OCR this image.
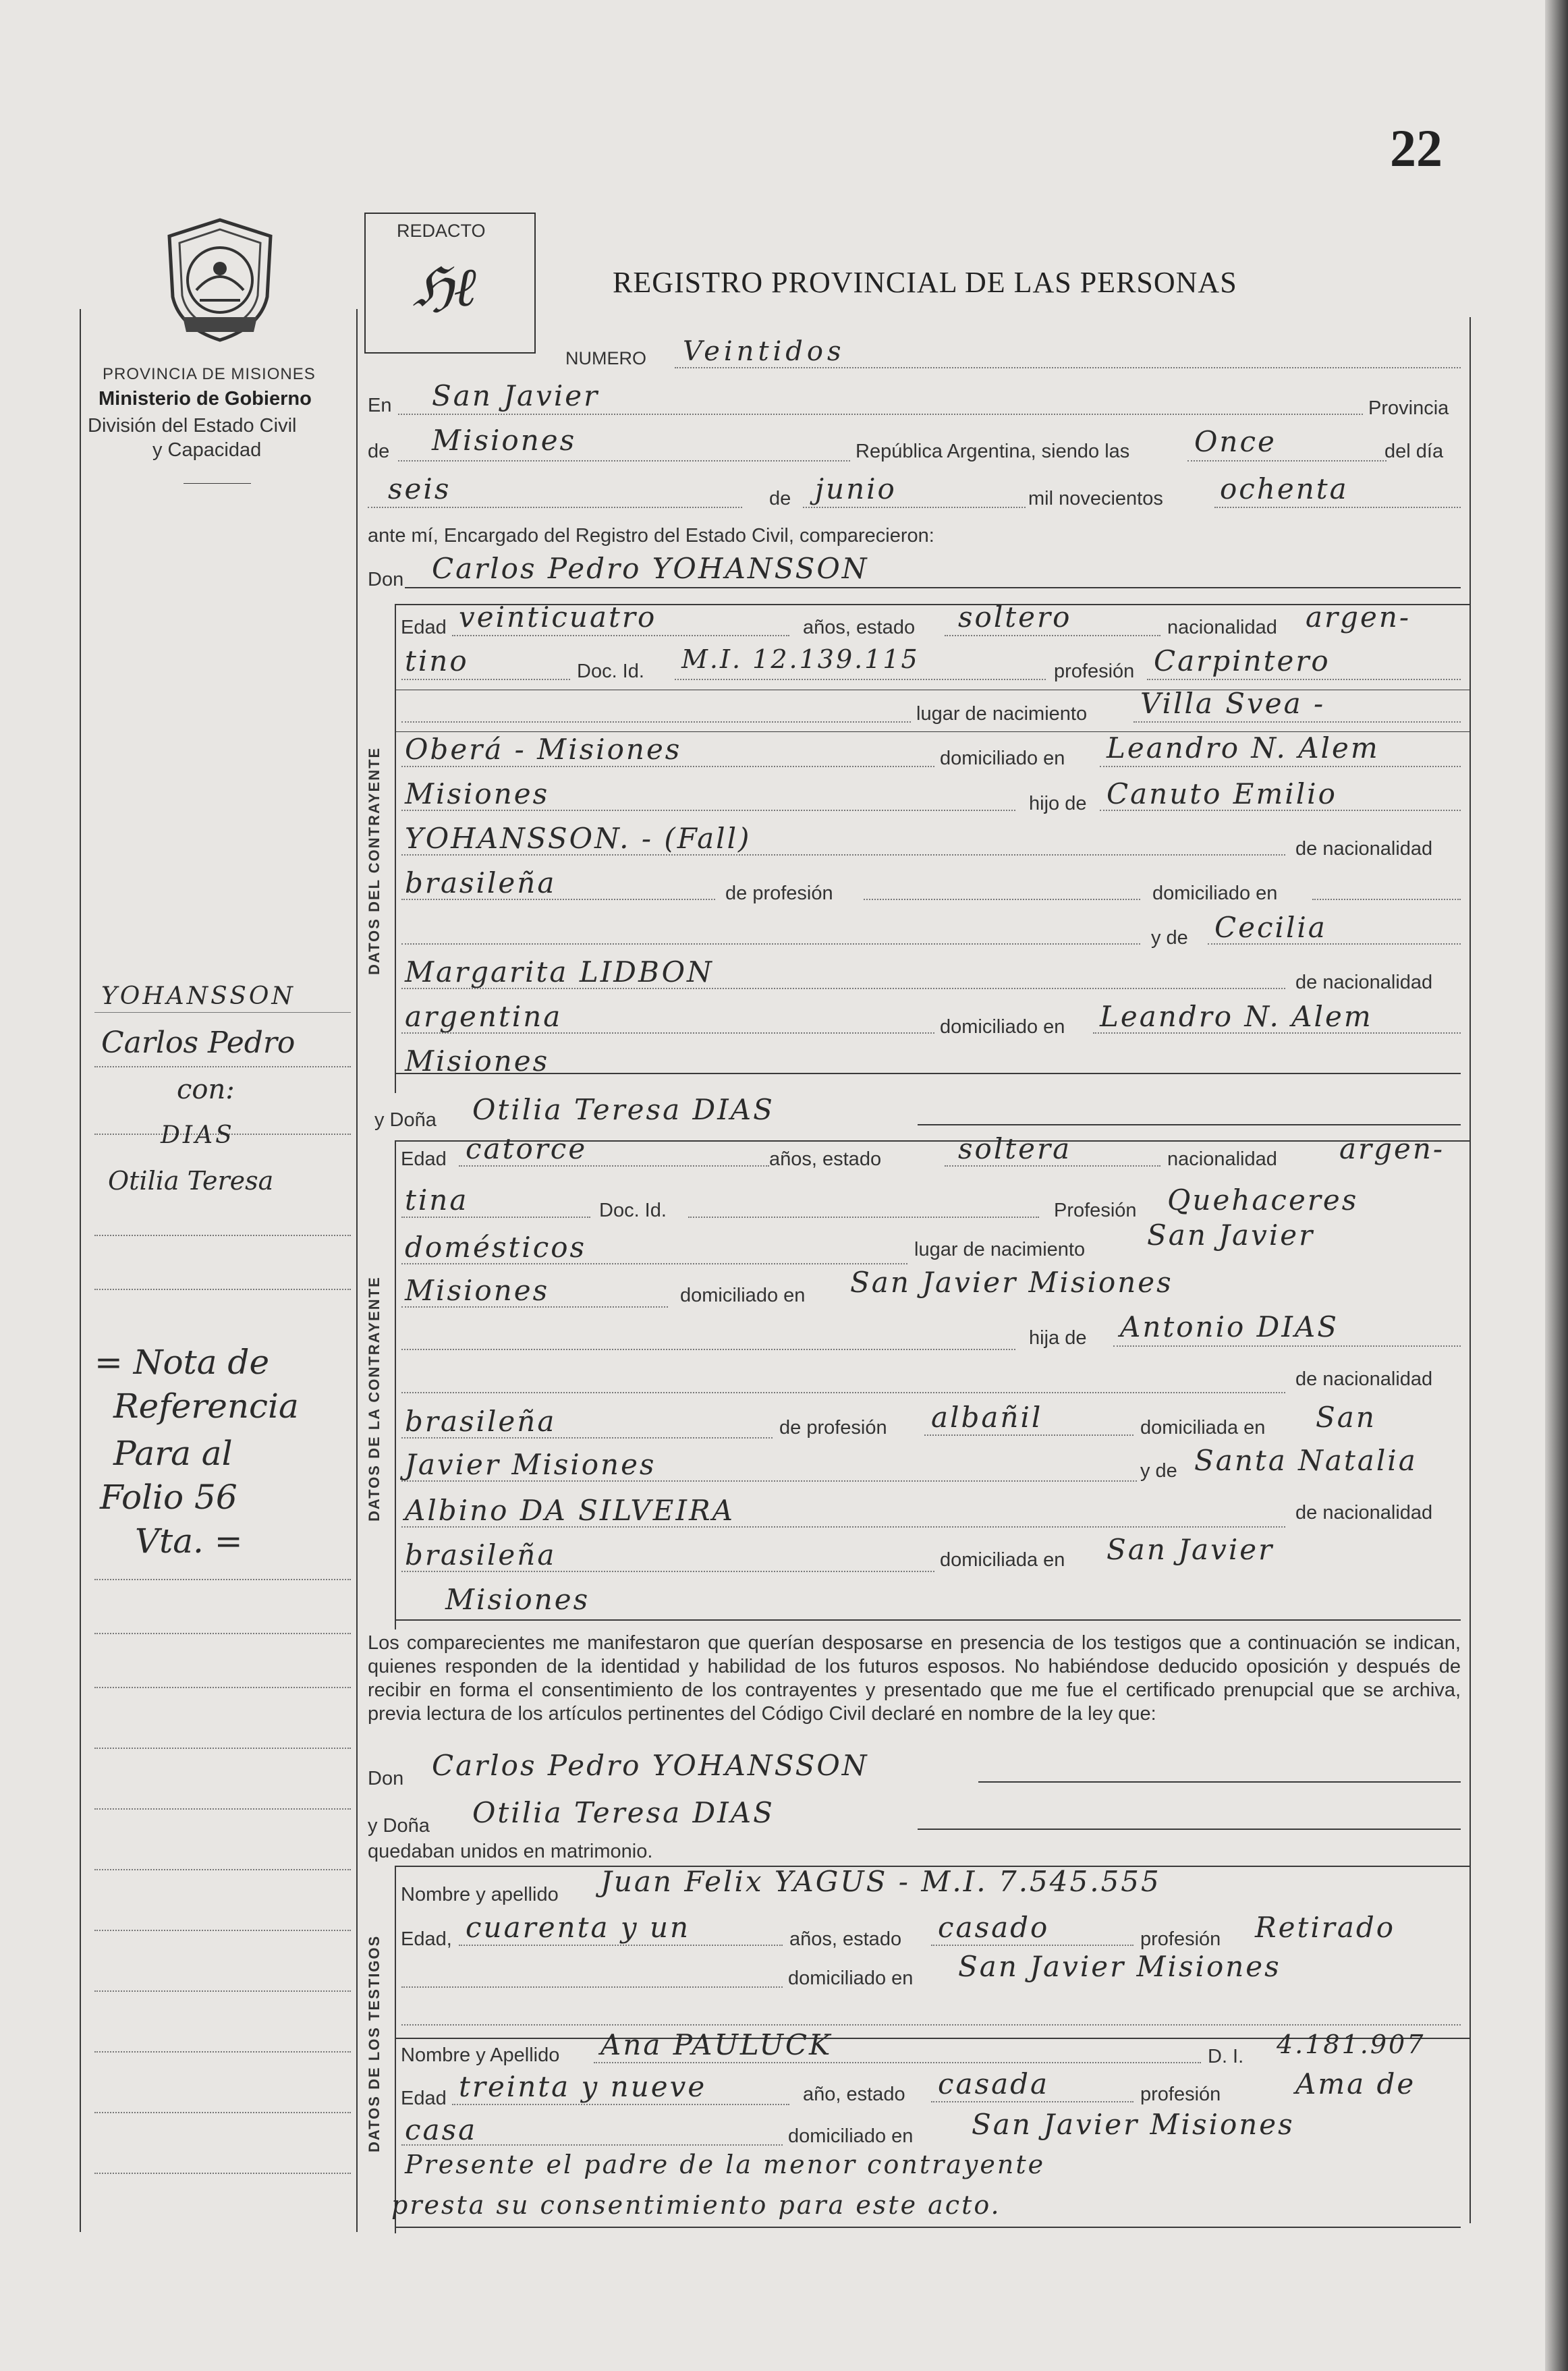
22
PROVINCIA DE MISIONES
Ministerio de Gobierno
División del Estado Civil
y Capacidad
YOHANSSON
Carlos Pedro
con:
DIAS
Otilia Teresa
= Nota de
Referencia
Para al
Folio 56
Vta. =
REDACTO
ℌℓ	REGISTRO PROVINCIAL DE LAS PERSONAS
NUMERO Veintidos
En San Javier	Provincia
de Misiones	República Argentina, siendo las Once	del día
seis	de junio	mil novecientos ochenta
ante mí, Encargado del Registro del Estado Civil, comparecieron:
Don Carlos Pedro YOHANSSON
DATOS DEL CONTRAYENTE
Edad veinticuatro	años, estado soltero	nacionalidad argen-
tino	Doc. Id. M.I. 12.139.115	profesión Carpintero
lugar de nacimiento Villa Svea -
Oberá - Misiones	domiciliado en Leandro N. Alem
Misiones	hijo de Canuto Emilio
YOHANSSON. - (Fall)	de nacionalidad
brasileña	de profesión	domiciliado en
y de Cecilia
Margarita LIDBON	de nacionalidad
argentina	domiciliado en Leandro N. Alem
Misiones
y Doña Otilia Teresa DIAS
DATOS DE LA CONTRAYENTE
Edad catorce	años, estado	soltera	nacionalidad argen-
tina	Doc. Id.	Profesión Quehaceres
domésticos	lugar de nacimiento San Javier
Misiones	domiciliado en San Javier Misiones
hija de Antonio DIAS
de nacionalidad
brasileña	de profesión albañil	domiciliada en San
Javier Misiones	y de Santa Natalia
Albino DA SILVEIRA	de nacionalidad
brasileña	domiciliada en San Javier
Misiones
Los comparecientes me manifestaron que querían desposarse en presencia de los testigos que a continuación se indican, quienes responden de la identidad y habilidad de los futuros esposos. No habiéndose deducido oposición y después de recibir en forma el consentimiento de los contrayentes y presentado que me fue el certificado prenupcial que se archiva, previa lectura de los artículos pertinentes del Código Civil declaré en nombre de la ley que:
Don Carlos Pedro YOHANSSON
y Doña Otilia Teresa DIAS
quedaban unidos en matrimonio.
DATOS DE LOS TESTIGOS
Nombre y apellido Juan Felix YAGUS - M.I. 7.545.555
Edad, cuarenta y un	años, estado casado	profesión Retirado
domiciliado en San Javier Misiones
Nombre y Apellido Ana PAULUCK	D. I. 4.181.907
Edad treinta y nueve	año, estado casada	profesión	Ama de
casa	domiciliado en San Javier Misiones
Presente el padre de la menor contrayente
presta su consentimiento para este acto.
